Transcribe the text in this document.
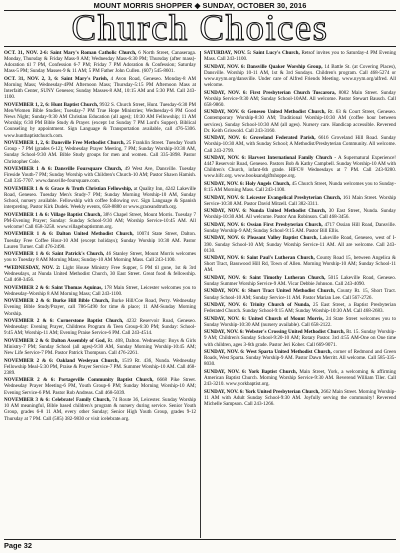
MOUNT MORRIS SHOPPER ◆ SUNDAY, OCTOBER 30, 2016
Church Choices

OCT. 31, NOV. 2-6: Saint Mary's Roman Catholic Church, 6 North Street, Canaseraga. Monday, Thursday & Friday Mass-9 AM; Wednesday Mass-6:30 PM; Thursday (after mass)-Adoration til 7 PM, Confession 6-7 PM; Friday 7 PM Adoration & Confession; Saturday Mass-5 PM; Sunday Masses-9 & 11 AM; 5 PM Father John Cullen. (607) 545-8601.

OCT. 31, NOV. 2, 3, 6: Saint Mary's Parish, 4 Avon Road, Geneseo. Monday-8 AM Morning Mass; Wednesday-4PM Afternoon Mass; Thursday-5:15 PM Afternoon Mass at Interfaith Center, SUNY Geneseo; Sunday Masses-8 AM, 10:15 AM and 5:30 PM. Call 243-1100.

NOVEMBER 1, 2, 6: Hunt Baptist Church, 9932 S. Church Street, Hunt. Tuesday-6:30 PM Men/Women Bible Studies; Tuesday-7 PM True Hope Ministries; Wednesday-6 PM Good News Night; Sunday-9:30 AM Christian Education (all ages); 10:30 AM Fellowship; 11 AM Worship; 6:30 PM Bible Study & Prayer. (except 1st Sunday 7 PM Lord's Supper). Biblical Counseling by appointment. Sign Language & Transportation available, call 476-5306. www.huntbaptistchurch.com.

NOVEMBER 1, 2, 6: Dansville Free Methodist Church, 25 Franklin Street. Tuesday Youth Group - 7 PM (grades 6-12); Wednesday Prayer Meeting, 7 PM; Sunday Worship-10:30 AM, Sunday School-9:30 AM. Bible Study groups for men and women. Call 335-3898. Pastor Christopher Cole.

NOVEMBER 1 & 6: Dansville Foursquare Church, 49 West Ave, Dansville. Tuesday Fireside Youth-7 PM; Sunday Worship with Children's Church-10 AM; Pastor Shawn Hamish. Call 335-7707. www.dansville-foursquare.com.

NOVEMBER 1 & 6: Grace & Truth Christian Fellowship, at Quality Inn, 4242 Lakeville Road, Geneseo. Tuesday Men's Study-7 PM; Sunday Morning Worship-10 AM, Sunday School, nursery available. Fellowship with coffee following svc. Sign Language & Spanish interpreting. Pastor Kirk Dudek. Weekly events, 658-8880 or www.graceandtruth.org.

NOVEMBER 1 & 6: Village Baptist Church, 38½ Chapel Street, Mount Morris. Tuesday 7 PM-Evening Prayer; Sunday: Sunday School-9:30 AM; Worship Service-10:45 AM. All welcome! Call 658-3258. www.villagebaptistmm.org.

NOVEMBER 1 & 6: Dalton United Methodist Church, 10074 State Street, Dalton. Tuesday Free Coffee Hour-10 AM (except holidays); Sunday Worship 10:30 AM. Pastor Lauren Turner. Call 476-2490.

NOVEMBER 1 & 6: Saint Patrick's Church, 46 Stanley Street, Mount Morris welcomes you to Tuesday 8 AM Morning Mass; Sunday-10 AM Morning Mass. Call 243-1100.

*WEDNESDAY, NOV. 2: Light House Ministry Free Supper, 5 PM til gone, 1st & 3rd Wednesdays, at Nunda United Methodist Church, 30 East Street. Great food & fellowship. Call 468-3456.

NOVEMBER 2 & 6: Saint Thomas Aquinas, 178 Main Street, Leicester welcomes you to Wednesday-Worship 8 AM Morning Mass; Call 243-1100.

NOVEMBER 2 & 6: Burke Hill Bible Church, Burke Hill/Coe Road, Perry. Wednesday Evening Bible Study/Prayer, call 786-5490 for time & place; 11 AM-Sunday Morning Worship.

NOVEMBER 2 & 6: Cornerstone Baptist Church, 4232 Reservoir Road, Geneseo. Wednesday: Evening Prayer, Childrens Program & Teen Group-6:30 PM; Sunday: School-9:45 AM; Worship-11 AM; Evening Praise Service-6 PM. Call 243-4514.

NOVEMBER 2 & 6: Dalton Assembly of God, Rt. 408, Dalton. Wednesday: Boys & Girls Ministry-7 PM; Sunday School (all ages)-9:30 AM, Sunday Morning Worship-10:45 AM; New Life Service-7 PM. Pastor Patrick Thompson. Call 476-2261.

NOVEMBER 2 & 6: Oakland Wesleyan Church, 1519 Rt. 436, Nunda. Wednesday Fellowship Meal-5:30 PM, Praise & Prayer Service-7 PM. Summer Worship-10 AM. Call 468-2389.

NOVEMBER 2 & 6: Portageville Community Baptist Church, 6668 Pike Street. Wednesday Prayer Meeting-6 PM, Youth Group-6 PM; Sunday Morning Worship-10 AM; Evening Service-6 PM. Pastor Rob Andreas. Call 468-5039.

NOVEMBER 3 & 6: Celebrate! Family Church, 74 Route 36, Leicester. Sunday Worship 10 AM meaningful, Bible based children's program & nursery during service. Senior Youth Group, grades 6-8 11 AM, every other Sunday; Senior High Youth Group, grades 9-12 Thursday at 7 PM. Call (585) 382-9830 or visit icelebrate.org.

SATURDAY, NOV. 5: Saint Lucy's Church, Retsof invites you to Saturday-4 PM Evening Mass. Call 243-1100.

SUNDAY, NOV. 6: Dansville Quaker Worship Group, 14 Battle St. (at Covering Places), Dansville. Worship 10-11 AM, 1st & 3rd Sundays. Children's program. Call 468-5274 or www.nyym.org/dansville. Under care of Alfred Friends Meeting. www.nyym.org/alfred. All welcome.

SUNDAY, NOV. 6: First Presbyterian Church Tuscarora, 8082 Main Street. Sunday Worship Service-9:30 AM; Sunday School-10AM. All welcome. Pastor Stewart Bausch. Call 658-9860.

SUNDAY, NOV. 6: Geneseo United Methodist Church, Rt. 63 & Court Street, Geneseo. Contemporary Worship-8:30 AM; Traditional Worship-10:30 AM (coffee hour between services). Sunday School-10:30 AM (all ages). Nursery care. Handicap accessible. Reverend Dr. Keith Griswold. Call 243-3160.

SUNDAY, NOV. 6: Groveland Federated Parish, 6616 Groveland Hill Road. Sunday Worship-10:30 AM, with Sunday School; A Methodist/Presbyterian Community. All welcome. Call 243-2799.

SUNDAY, NOV. 6: Harvest International Family Church - A Supernatural Experience! 4447 Reservoir Road, Geneseo. Pastors Bob & Kathy Campbell. Sunday Worship-10 AM with Children's Church, infant-6th grade. HIFC® Wednesdays at 7 PM. Call 243-9280. www.hifc.org. www.booksandgiftshoppe.org.

SUNDAY, NOV. 6: Holy Angels Church, 45 Church Street, Nunda welcomes you to Sunday-8:15 AM Morning Mass. Call 243-1100.

SUNDAY, NOV. 6: Leicester Evangelical Presbyterian Church, 161 Main Street. Worship Service-10:30 AM. Pastor David Mitzell. Call 382-3311.

SUNDAY, NOV. 6: Nunda United Methodist Church, 30 East Street, Nunda. Sunday Worship-10:30 AM. All welcome. Pastor Ann Robinson. Call 468-3456.

SUNDAY, NOV. 6: Ossian First Presbyterian Church, 4717 Ossian Hill Road, Dansville. Sunday Worship-9 AM; Sunday School-9:15 AM. Pastor Bill Ellis.

SUNDAY, NOV. 6: Pleasant Valley Baptist Church, Lakeville Road, Geneseo, west of I-390. Sunday School-10 AM; Sunday Worship Service-11 AM. All are welcome. Call 243-0130.

SUNDAY, NOV. 6: Saint Paul's Lutheran Church, County Road 15, between Angelica & Short Tract, Basswood Hill Rd, Town of Allen. Morning Worship-10 AM; Sunday School-11 AM.

SUNDAY, NOV. 6: Saint Timothy Lutheran Church, 5015 Lakeville Road, Geneseo. Sunday Summer Worship Service-9 AM. Vicar Debbie Johnson. Call 243-4090.

SUNDAY, NOV. 6: Short Tract United Methodist Church, County Rt. 15, Short Tract. Sunday School-10 AM; Sunday Service-11 AM. Pastor Marian Lee. Call 567-2726.

SUNDAY, NOV. 6: Trinity Church of Nunda, 25 East Street, a Baptist Presbyterian Federated Church. Sunday School-9:15 AM; Sunday Worship-10:30 AM. Call 468-2683.

SUNDAY, NOV. 6: United Church of Mount Morris, 24 State Street welcomes you to Sunday Worship-10:30 AM (nursery available). Call 658-2122.

SUNDAY, NOV. 6: Webster's Crossing United Methodist Church, Rt. 15. Sunday Worship-9 AM; Children's Sunday School-9:20-10 AM; Rotary Pastor. 3rd 4:55 AM-One on One time with children, ages 3-6th grade. Pastor Jeri Kober. Call 669-9071.

SUNDAY, NOV. 6: West Sparta United Methodist Church, corner of Redmond and Green Roads, West Sparta. Sunday Worship-9 AM. Pastor Dawn Merritt. All welcome. Call 585-335-8030.

SUNDAY, NOV. 6: York Baptist Church, Main Street, York, a welcoming & affirming American Baptist Church. Morning Worship Service-9:30 AM. Reverend William Tiler. Call 243-3210. www.yorkbaptist.org.

SUNDAY, NOV. 6: York United Presbyterian Church, 2662 Main Street. Morning Worship-11 AM with Adult Sunday School-9:30 AM. Joyfully serving the community! Reverend Michelle Sampson. Call 243-1266.

Page 32
